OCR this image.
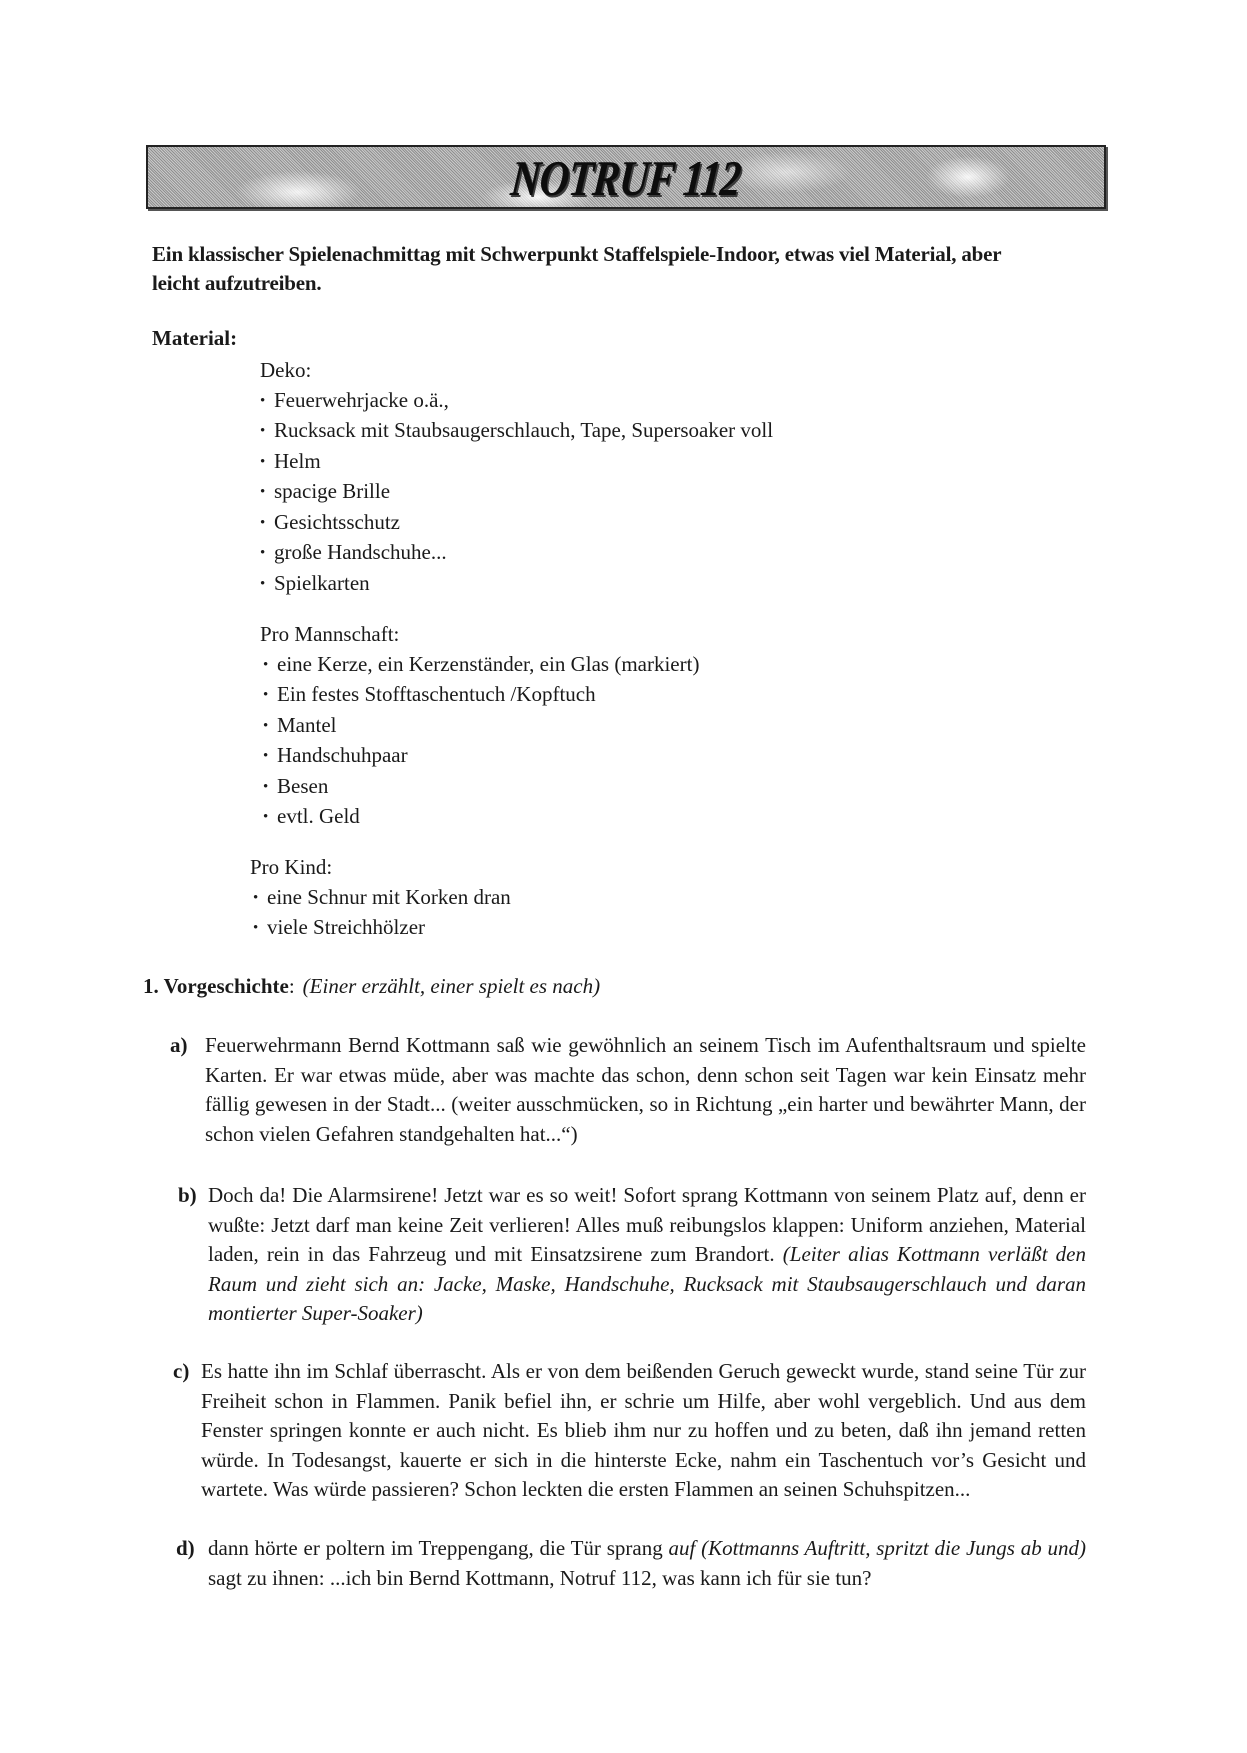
NOTRUF 112
Ein klassischer Spielenachmittag mit Schwerpunkt Staffelspiele-Indoor, etwas viel Material, aber leicht aufzutreiben.
Material:
Deko:
• Feuerwehrjacke o.ä.,
• Rucksack mit Staubsaugerschlauch, Tape, Supersoaker voll
• Helm
• spacige Brille
• Gesichtsschutz
• große Handschuhe...
• Spielkarten
Pro Mannschaft:
• eine Kerze, ein Kerzenständer, ein Glas (markiert)
• Ein festes Stofftaschentuch /Kopftuch
• Mantel
• Handschuhpaar
• Besen
• evtl. Geld
Pro Kind:
• eine Schnur mit Korken dran
• viele Streichhölzer
1. Vorgeschichte: (Einer erzählt, einer spielt es nach)
a) Feuerwehrmann Bernd Kottmann saß wie gewöhnlich an seinem Tisch im Aufenthaltsraum und spielte Karten. Er war etwas müde, aber was machte das schon, denn schon seit Tagen war kein Einsatz mehr fällig gewesen in der Stadt... (weiter ausschmücken, so in Richtung „ein harter und bewährter Mann, der schon vielen Gefahren standgehalten hat...“)
b) Doch da! Die Alarmsirene! Jetzt war es so weit! Sofort sprang Kottmann von seinem Platz auf, denn er wußte: Jetzt darf man keine Zeit verlieren! Alles muß reibungslos klappen: Uniform anziehen, Material laden, rein in das Fahrzeug und mit Einsatzsirene zum Brandort. (Leiter alias Kottmann verläßt den Raum und zieht sich an: Jacke, Maske, Handschuhe, Rucksack mit Staubsaugerschlauch und daran montierter Super-Soaker)
c) Es hatte ihn im Schlaf überrascht. Als er von dem beißenden Geruch geweckt wurde, stand seine Tür zur Freiheit schon in Flammen. Panik befiel ihn, er schrie um Hilfe, aber wohl vergeblich. Und aus dem Fenster springen konnte er auch nicht. Es blieb ihm nur zu hoffen und zu beten, daß ihn jemand retten würde. In Todesangst, kauerte er sich in die hinterste Ecke, nahm ein Taschentuch vor’s Gesicht und wartete. Was würde passieren? Schon leckten die ersten Flammen an seinen Schuhspitzen...
d) dann hörte er poltern im Treppengang, die Tür sprang auf (Kottmanns Auftritt, spritzt die Jungs ab und) sagt zu ihnen: ...ich bin Bernd Kottmann, Notruf 112, was kann ich für sie tun?
